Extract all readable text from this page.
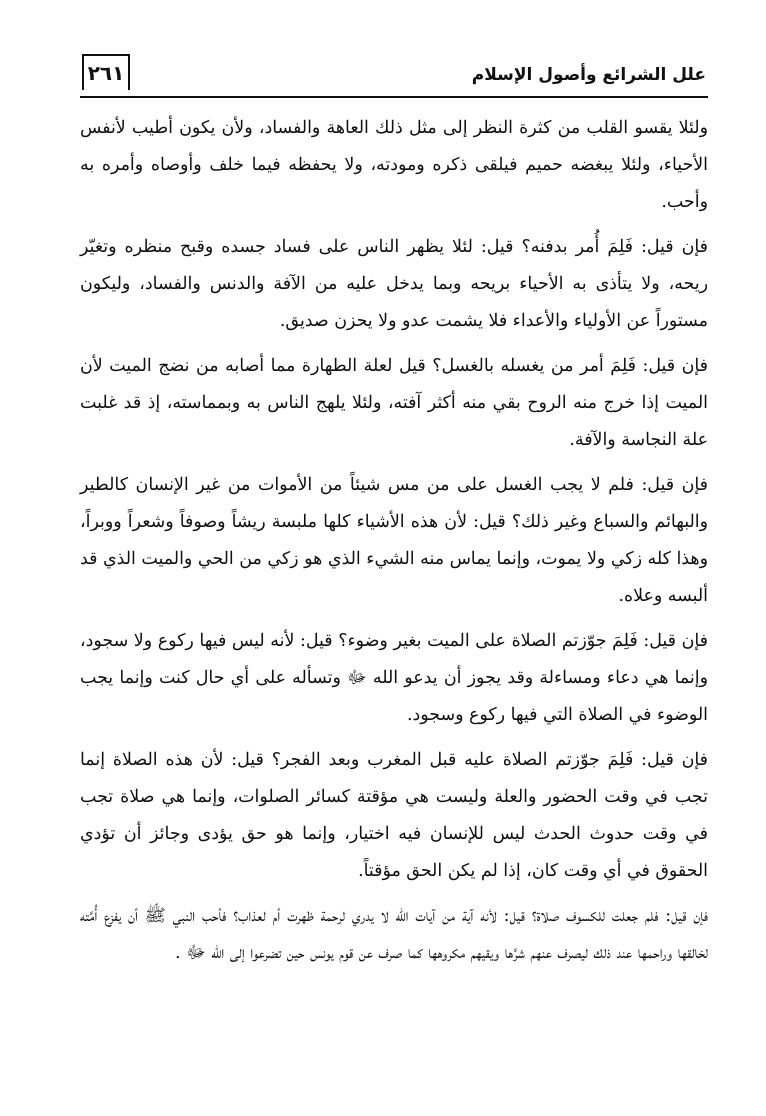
علل الشرائع وأصول الإسلام
٢٦١

ولئلا يقسو القلب من كثرة النظر إلى مثل ذلك العاهة والفساد، ولأن يكون أطيب لأنفس الأحياء، ولئلا يبغضه حميم فيلقى ذكره ومودته، ولا يحفظه فيما خلف وأوصاه وأمره به وأحب.

فإن قيل: فَلِمَ أُمر بدفنه؟ قيل: لئلا يظهر الناس على فساد جسده وقبح منظره وتغيّر ريحه، ولا يتأذى به الأحياء بريحه وبما يدخل عليه من الآفة والدنس والفساد، وليكون مستوراً عن الأولياء والأعداء فلا يشمت عدو ولا يحزن صديق.

فإن قيل: فَلِمَ أمر من يغسله بالغسل؟ قيل لعلة الطهارة مما أصابه من نضج الميت لأن الميت إذا خرج منه الروح بقي منه أكثر آفته، ولئلا يلهج الناس به وبمماسته، إذ قد غلبت علة النجاسة والآفة.

فإن قيل: فلم لا يجب الغسل على من مس شيئاً من الأموات من غير الإنسان كالطير والبهائم والسباع وغير ذلك؟ قيل: لأن هذه الأشياء كلها ملبسة ريشاً وصوفاً وشعراً ووبراً، وهذا كله زكي ولا يموت، وإنما يماس منه الشيء الذي هو زكي من الحي والميت الذي قد ألبسه وعلاه.

فإن قيل: فَلِمَ جوّزتم الصلاة على الميت بغير وضوء؟ قيل: لأنه ليس فيها ركوع ولا سجود، وإنما هي دعاء ومساءلة وقد يجوز أن يدعو الله ﷻ وتسأله على أي حال كنت وإنما يجب الوضوء في الصلاة التي فيها ركوع وسجود.

فإن قيل: فَلِمَ جوّزتم الصلاة عليه قبل المغرب وبعد الفجر؟ قيل: لأن هذه الصلاة إنما تجب في وقت الحضور والعلة وليست هي مؤقتة كسائر الصلوات، وإنما هي صلاة تجب في وقت حدوث الحدث ليس للإنسان فيه اختيار، وإنما هو حق يؤدى وجائز أن تؤدي الحقوق في أي وقت كان، إذا لم يكن الحق مؤقتاً.

فإن قيل: فلم جعلت للكسوف صلاة؟ قيل: لأنه آية من آيات الله لا يدري لرحمة ظهرت أم لعذاب؟ فأحب النبي ﷺ أن يفزع أُمَّته لخالقها وراحمها عند ذلك ليصرف عنهم شرَّها ويقيهم مكروهها كما صرف عن قوم يونس حين تضرعوا إلى الله ﷻ .
